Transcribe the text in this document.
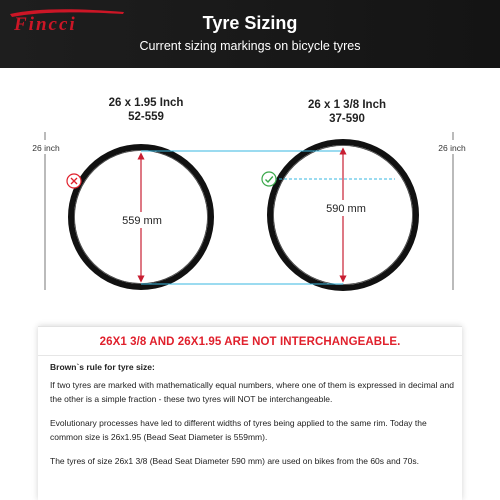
Fincci	Tyre Sizing
Current sizing markings on bicycle tyres
26 x 1.95 Inch
52-559
26 x 1 3/8 Inch
37-590
26 inch	26 inch
559 mm
590 mm
26X1 3/8 AND 26X1.95 ARE NOT INTERCHANGEABLE.
Brown`s rule for tyre size:
If two tyres are marked with mathematically equal numbers, where one of them is expressed in decimal and the other is a simple fraction - these two tyres will NOT be interchangeable.
Evolutionary processes have led to different widths of tyres being applied to the same rim. Today the common size is 26x1.95 (Bead Seat Diameter is 559mm).
The tyres of size 26x1 3/8 (Bead Seat Diameter 590 mm) are used on bikes from the 60s and 70s.
